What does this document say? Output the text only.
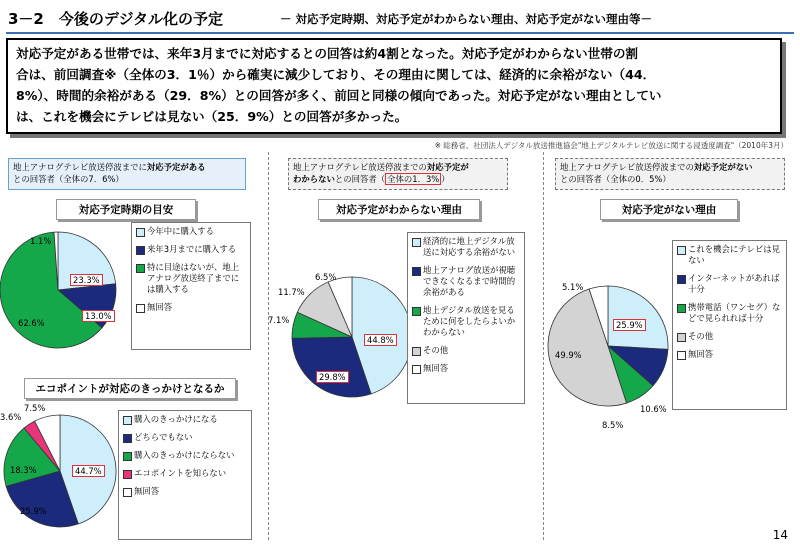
3－2　今後のデジタル化の予定	－ 対応予定時期、対応予定がわからない理由、対応予定がない理由等－
対応予定がある世帯では、来年3月までに対応するとの回答は約4割となった。対応予定がわからない世帯の割
合は、前回調査※（全体の3．1％）から確実に減少しており、その理由に関しては、経済的に余裕がない（44．
8%）、時間的余裕がある（29．8%）との回答が多く、前回と同様の傾向であった。対応予定がない理由としてい
は、これを機会にテレビは見ない（25．9%）との回答が多かった。
※ 総務省、社団法人デジタル放送推進協会"地上デジタルテレビ放送に関する浸透度調査"（2010年3月）
地上アナログテレビ放送停波までに対応予定がある
との回答者（全体の7．6%）
対応予定時期の目安
今年中に購入する
来年3月までに購入する
特に目途はないが、地上アナログ放送終了までには購入する
無回答
エコポイントが対応のきっかけとなるか
購入のきっかけになる
どちらでもない
購入のきっかけにならない
エコポイントを知らない
無回答
地上アナログテレビ放送停波までの対応予定が
わからないとの回答者（ 全体の1．3% ）
対応予定がわからない理由
経済的に地上デジタル放送に対応する余裕がない
地上アナログ放送が視聴できなくなるまで時間的余裕がある
地上デジタル放送を見るために何をしたらよいかわからない
その他
無回答
地上アナログテレビ放送停波までの対応予定がない
との回答者（全体の0．5%）
対応予定がない理由
これを機会にテレビは見ない
インターネットがあれば十分
携帯電話（ワンセグ）などで見られれば十分
その他
無回答
14
23.3%
13.0%
62.6%
1.1%
44.7%
25.9%
18.3%
3.6%
7.5%
44.8%
29.8%
7.1%
11.7%
6.5%
25.9%
10.6%
8.5%
49.9%
5.1%
